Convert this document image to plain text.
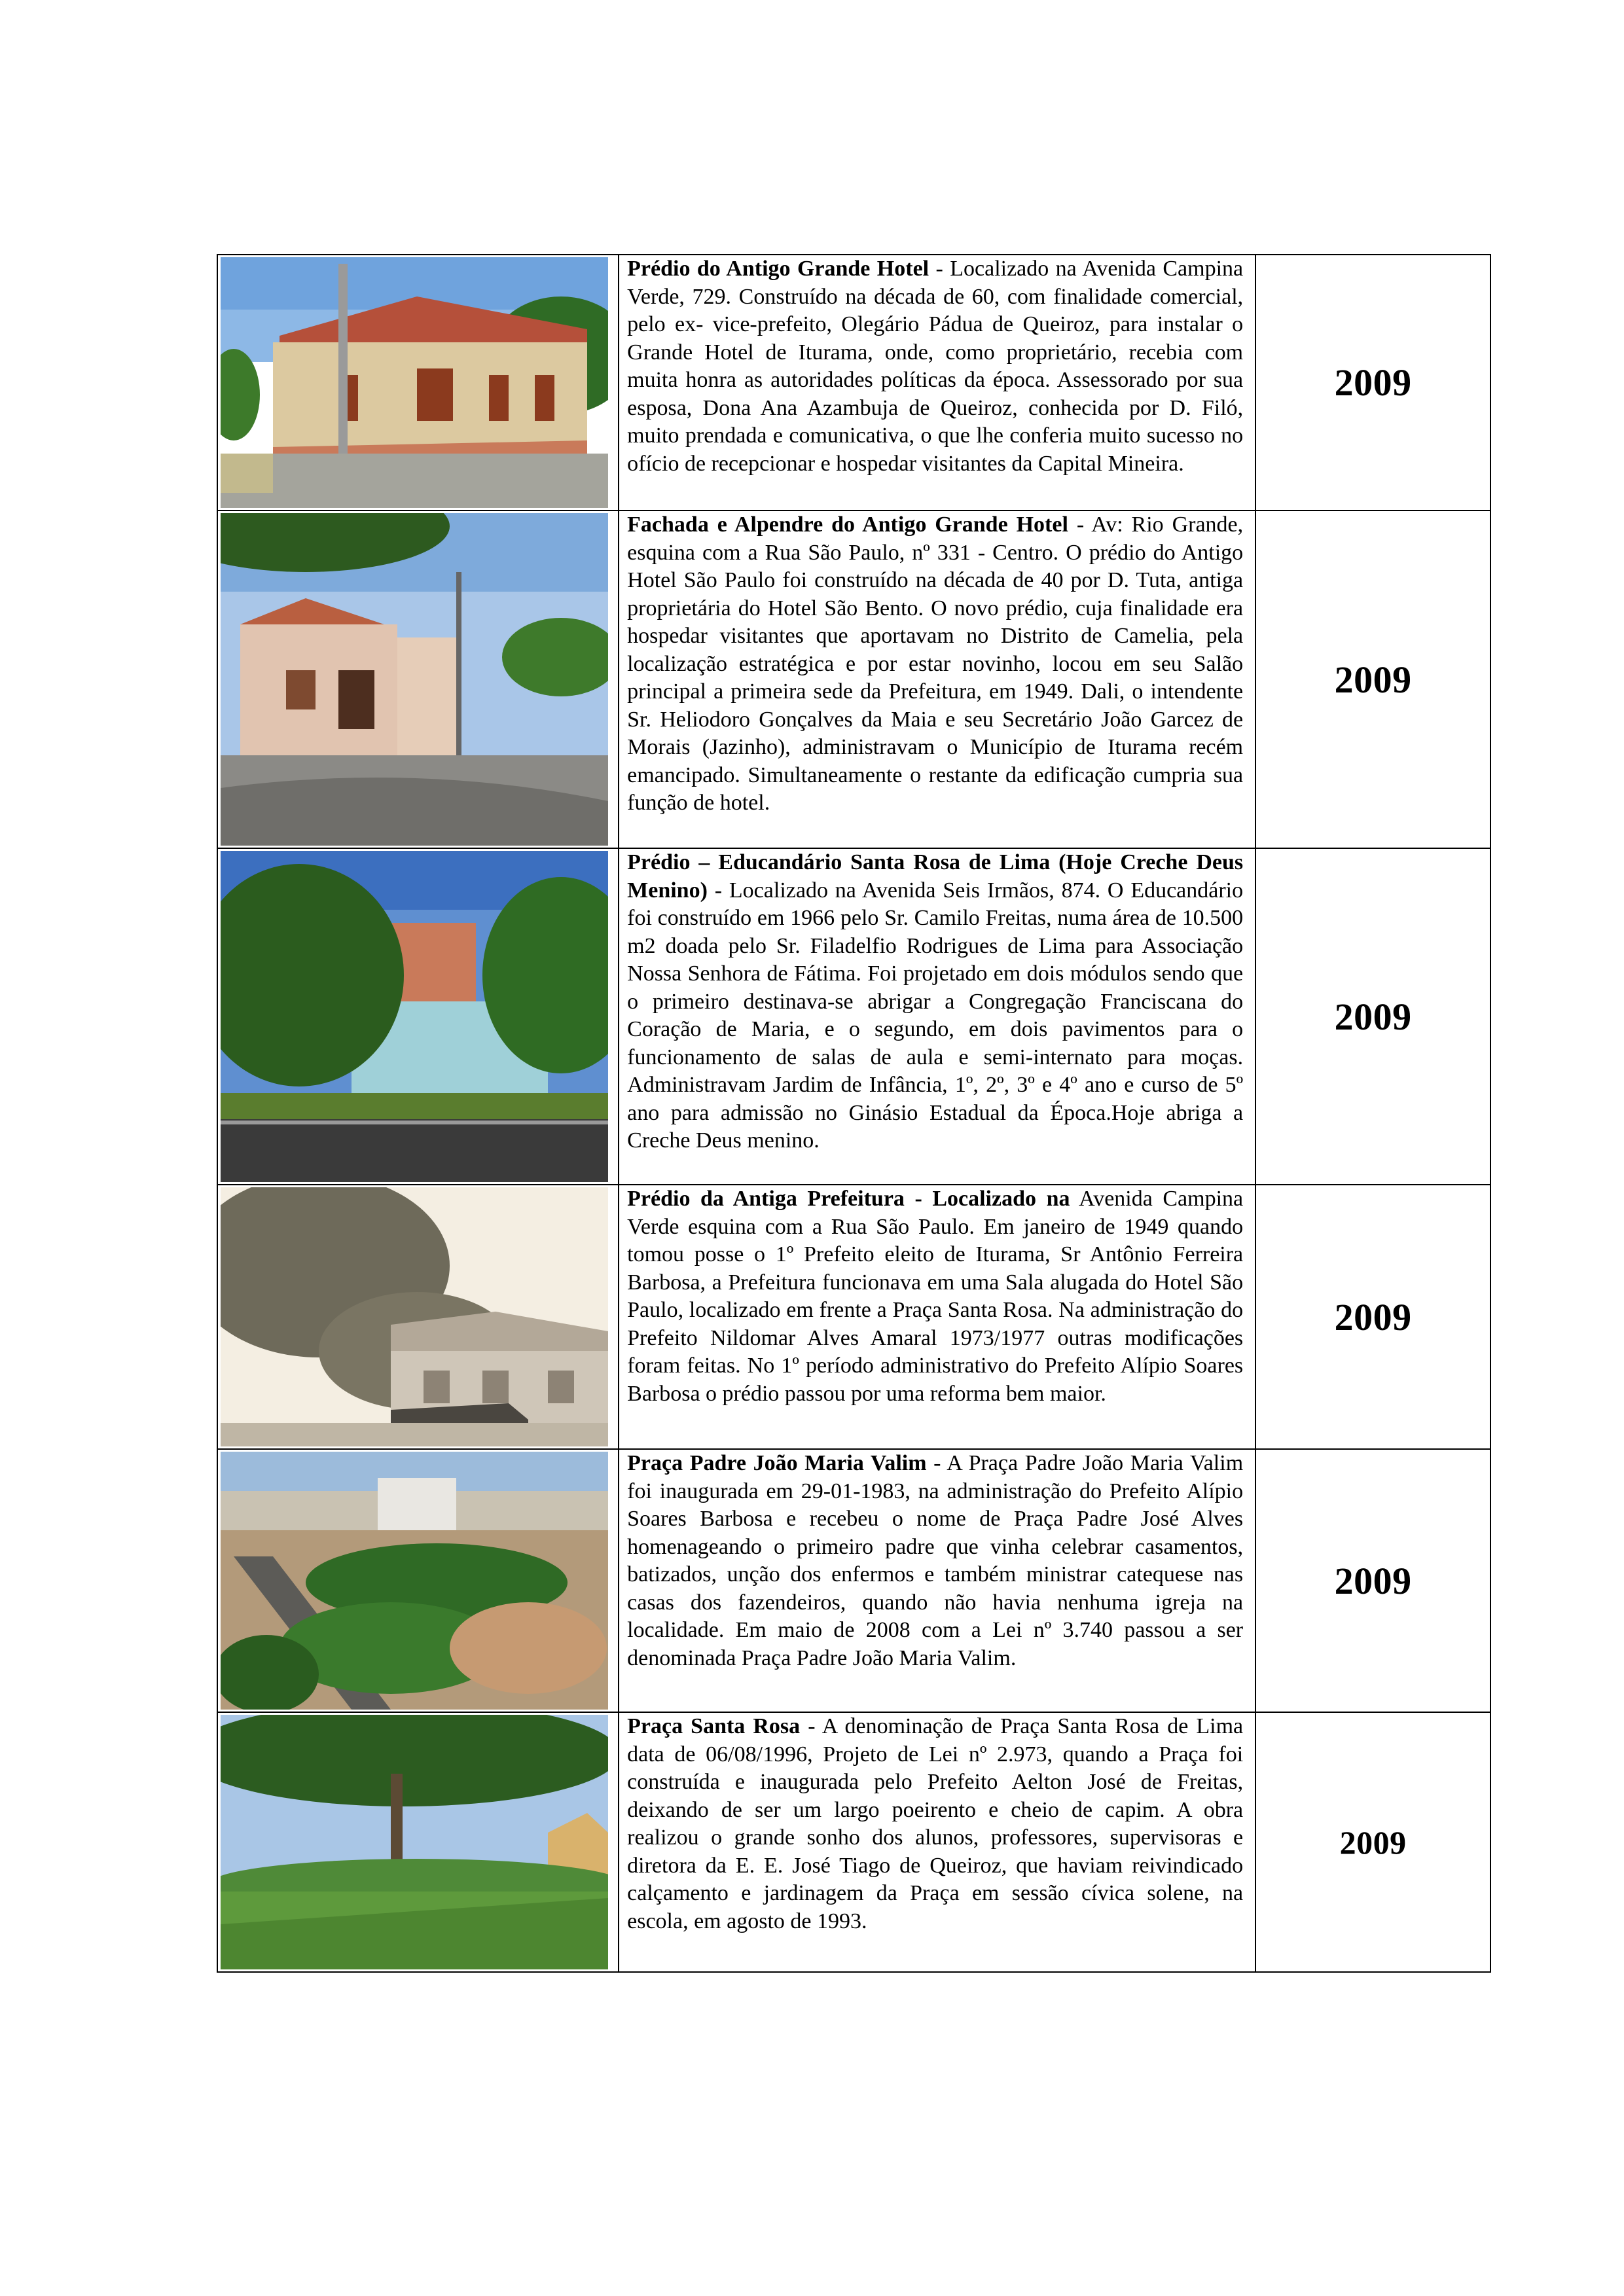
Prédio do Antigo Grande Hotel - Localizado na Avenida Campina Verde, 729. Construído na década de 60, com finalidade comercial, pelo ex- vice-prefeito, Olegário Pádua de Queiroz, para instalar o Grande Hotel de Iturama, onde, como proprietário, recebia com muita honra as autoridades políticas da época. Assessorado por sua esposa, Dona Ana Azambuja de Queiroz, conhecida por D. Filó, muito prendada e comunicativa, o que lhe conferia muito sucesso no ofício de recepcionar e hospedar visitantes da Capital Mineira.	2009

Fachada e Alpendre do Antigo Grande Hotel - Av: Rio Grande, esquina com a Rua São Paulo, nº 331 - Centro. O prédio do Antigo Hotel São Paulo foi construído na década de 40 por D. Tuta, antiga proprietária do Hotel São Bento. O novo prédio, cuja finalidade era hospedar visitantes que aportavam no Distrito de Camelia, pela localização estratégica e por estar novinho, locou em seu Salão principal a primeira sede da Prefeitura, em 1949. Dali, o intendente Sr. Heliodoro Gonçalves da Maia e seu Secretário João Garcez de Morais (Jazinho), administravam o Município de Iturama recém emancipado. Simultaneamente o restante da edificação cumpria sua função de hotel.	2009

Prédio – Educandário Santa Rosa de Lima (Hoje Creche Deus Menino) - Localizado na Avenida Seis Irmãos, 874. O Educandário foi construído em 1966 pelo Sr. Camilo Freitas, numa área de 10.500 m2 doada pelo Sr. Filadelfio Rodrigues de Lima para Associação Nossa Senhora de Fátima. Foi projetado em dois módulos sendo que o primeiro destinava-se abrigar a Congregação Franciscana do Coração de Maria, e o segundo, em dois pavimentos para o funcionamento de salas de aula e semi-internato para moças. Administravam Jardim de Infância, 1º, 2º, 3º e 4º ano e curso de 5º ano para admissão no Ginásio Estadual da Época.Hoje abriga a Creche Deus menino.	2009

Prédio da Antiga Prefeitura - Localizado na Avenida Campina Verde esquina com a Rua São Paulo. Em janeiro de 1949 quando tomou posse o 1º Prefeito eleito de Iturama, Sr Antônio Ferreira Barbosa, a Prefeitura funcionava em uma Sala alugada do Hotel São Paulo, localizado em frente a Praça Santa Rosa. Na administração do Prefeito Nildomar Alves Amaral 1973/1977 outras modificações foram feitas. No 1º período administrativo do Prefeito Alípio Soares Barbosa o prédio passou por uma reforma bem maior.	2009

Praça Padre João Maria Valim - A Praça Padre João Maria Valim foi inaugurada em 29-01-1983, na administração do Prefeito Alípio Soares Barbosa e recebeu o nome de Praça Padre José Alves homenageando o primeiro padre que vinha celebrar casamentos, batizados, unção dos enfermos e também ministrar catequese nas casas dos fazendeiros, quando não havia nenhuma igreja na localidade. Em maio de 2008 com a Lei nº 3.740 passou a ser denominada Praça Padre João Maria Valim.	2009

Praça Santa Rosa - A denominação de Praça Santa Rosa de Lima data de 06/08/1996, Projeto de Lei nº 2.973, quando a Praça foi construída e inaugurada pelo Prefeito Aelton José de Freitas, deixando de ser um largo poeirento e cheio de capim. A obra realizou o grande sonho dos alunos, professores, supervisoras e diretora da E. E. José Tiago de Queiroz, que haviam reivindicado calçamento e jardinagem da Praça em sessão cívica solene, na escola, em agosto de 1993.	2009
